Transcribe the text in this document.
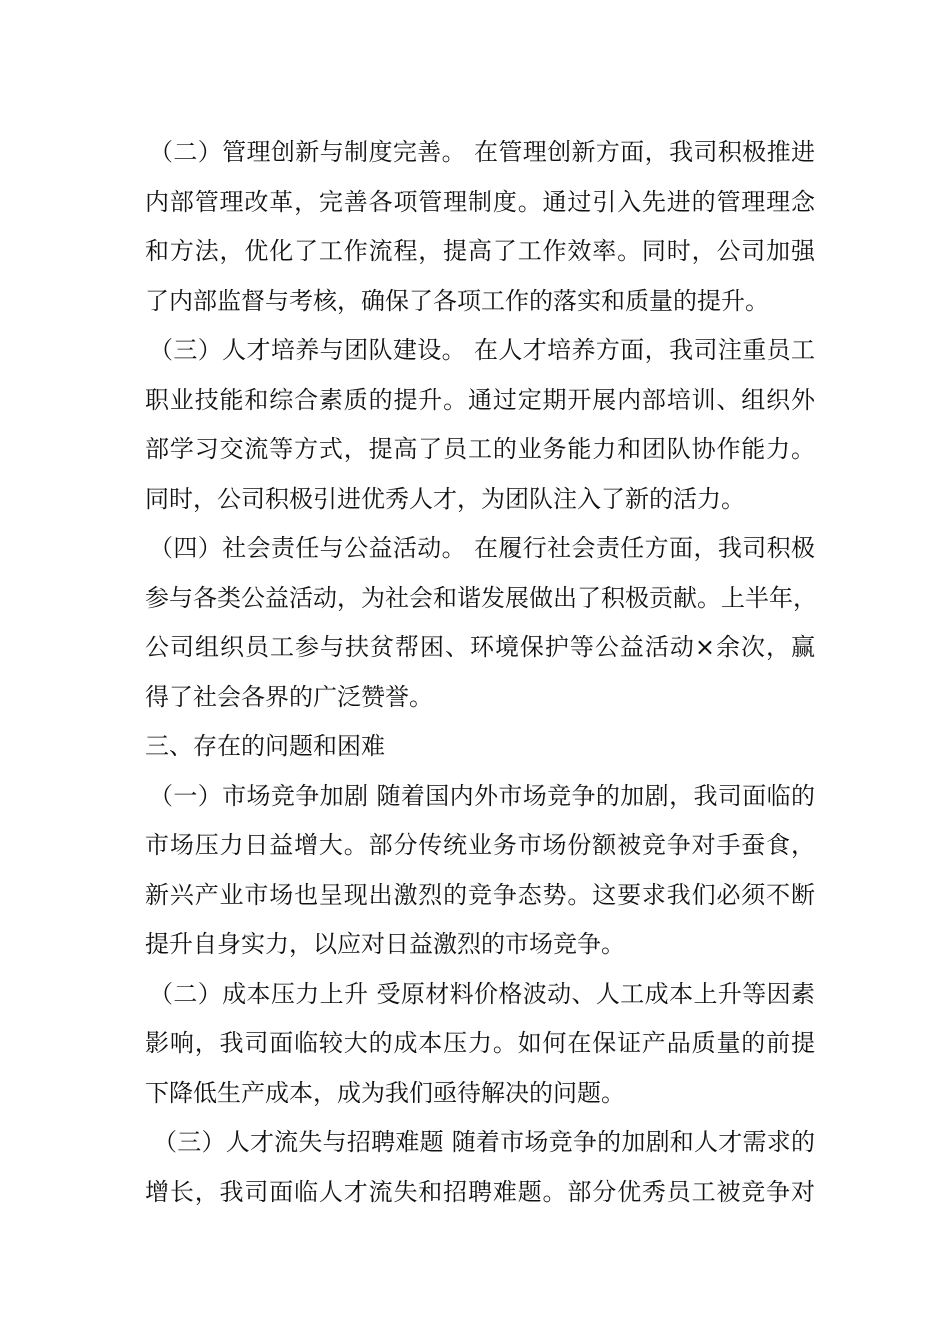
（二）管理创新与制度完善。 在管理创新方面，我司积极推进
内部管理改革，完善各项管理制度。通过引入先进的管理理念
和方法，优化了工作流程，提高了工作效率。同时，公司加强
了内部监督与考核，确保了各项工作的落实和质量的提升。
（三）人才培养与团队建设。 在人才培养方面，我司注重员工
职业技能和综合素质的提升。通过定期开展内部培训、组织外
部学习交流等方式，提高了员工的业务能力和团队协作能力。
同时，公司积极引进优秀人才，为团队注入了新的活力。
（四）社会责任与公益活动。 在履行社会责任方面，我司积极
参与各类公益活动，为社会和谐发展做出了积极贡献。上半年，
公司组织员工参与扶贫帮困、环境保护等公益活动×余次，赢
得了社会各界的广泛赞誉。
三、存在的问题和困难
（一）市场竞争加剧 随着国内外市场竞争的加剧，我司面临的
市场压力日益增大。部分传统业务市场份额被竞争对手蚕食，
新兴产业市场也呈现出激烈的竞争态势。这要求我们必须不断
提升自身实力，以应对日益激烈的市场竞争。
（二）成本压力上升 受原材料价格波动、人工成本上升等因素
影响，我司面临较大的成本压力。如何在保证产品质量的前提
下降低生产成本，成为我们亟待解决的问题。
（三）人才流失与招聘难题 随着市场竞争的加剧和人才需求的
增长，我司面临人才流失和招聘难题。部分优秀员工被竞争对
